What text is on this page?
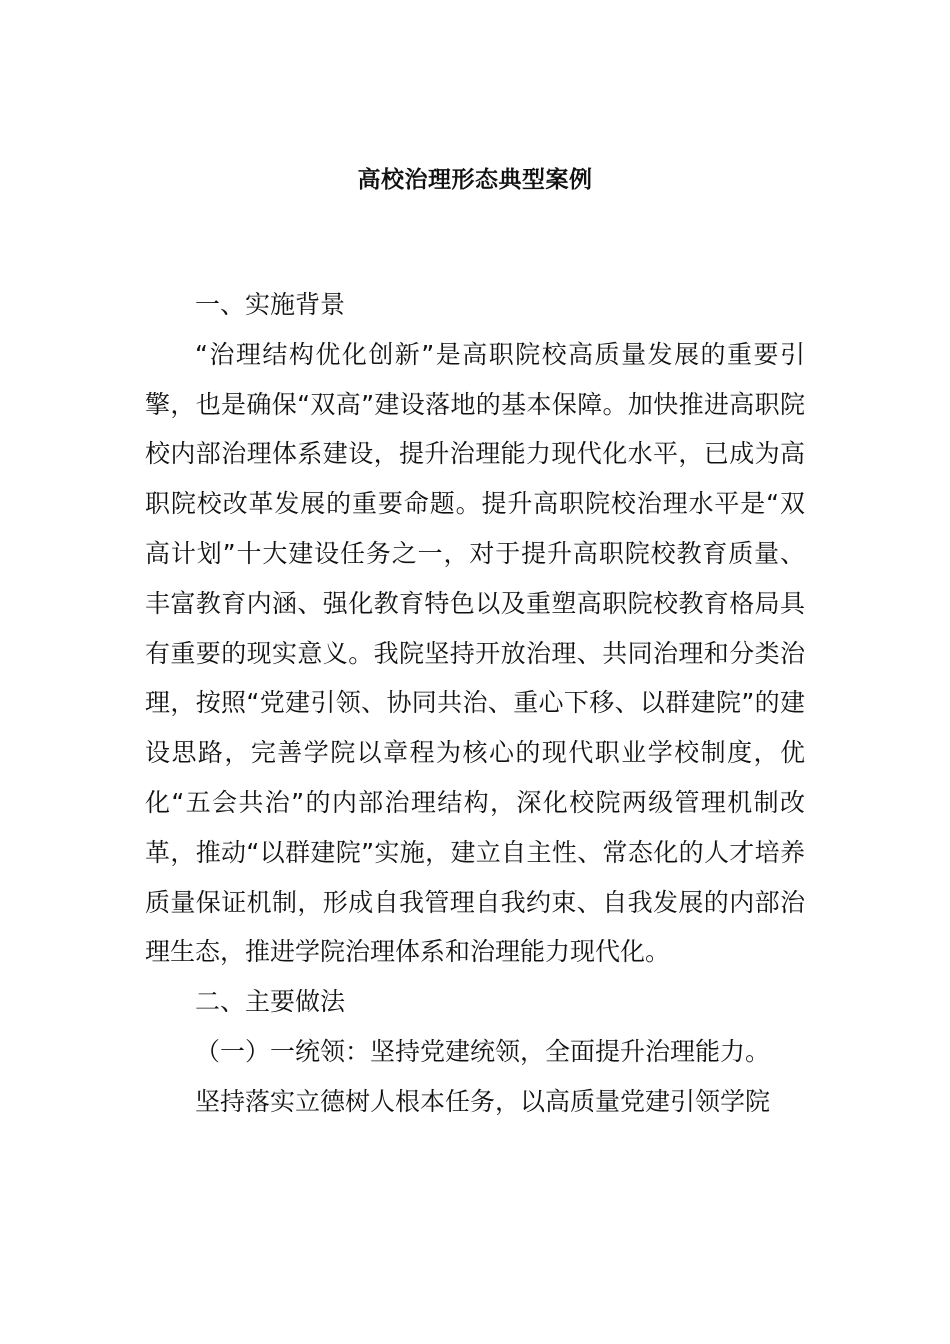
高校治理形态典型案例

一、实施背景

“治理结构优化创新”是高职院校高质量发展的重要引擎，也是确保“双高”建设落地的基本保障。加快推进高职院校内部治理体系建设，提升治理能力现代化水平，已成为高职院校改革发展的重要命题。提升高职院校治理水平是“双高计划”十大建设任务之一，对于提升高职院校教育质量、丰富教育内涵、强化教育特色以及重塑高职院校教育格局具有重要的现实意义。我院坚持开放治理、共同治理和分类治理，按照“党建引领、协同共治、重心下移、以群建院”的建设思路，完善学院以章程为核心的现代职业学校制度，优化“五会共治”的内部治理结构，深化校院两级管理机制改革，推动“以群建院”实施，建立自主性、常态化的人才培养质量保证机制，形成自我管理自我约束、自我发展的内部治理生态，推进学院治理体系和治理能力现代化。

二、主要做法

（一）一统领：坚持党建统领，全面提升治理能力。

坚持落实立德树人根本任务，以高质量党建引领学院
